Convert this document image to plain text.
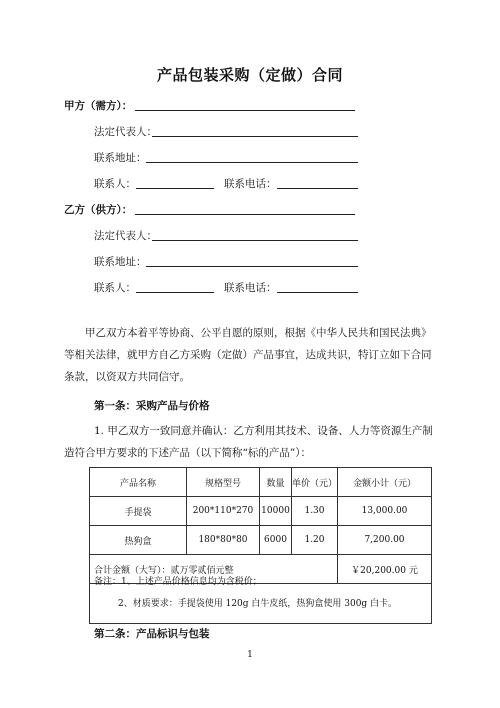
产品包装采购（定做）合同
甲方（需方）：
法定代表人：
联系地址：
联系人：	联系电话：
乙方（供方）：
法定代表人：
联系地址：
联系人：	联系电话：
甲乙双方本着平等协商、公平自愿的原则，根据《中华人民共和国民法典》等相关法律，就甲方自乙方采购（定做）产品事宜，达成共识，特订立如下合同条款，以资双方共同信守。
第一条：采购产品与价格
1. 甲乙双方一致同意并确认：乙方利用其技术、设备、人力等资源生产制造符合甲方要求的下述产品（以下简称“标的产品”）：
产品名称	规格型号	数量	单价（元）	金额小计（元）
手提袋	200*110*270	10000	1.30	13,000.00
热狗盒	180*80*80	6000	1.20	7,200.00
合计金额（大写）：贰万零贰佰元整				￥20,200.00 元
备注：1、上述产品价格信息均为含税价；
2、材质要求：手提袋使用 120g 白牛皮纸，热狗盒使用 300g 白卡。
第二条：产品标识与包装
1
